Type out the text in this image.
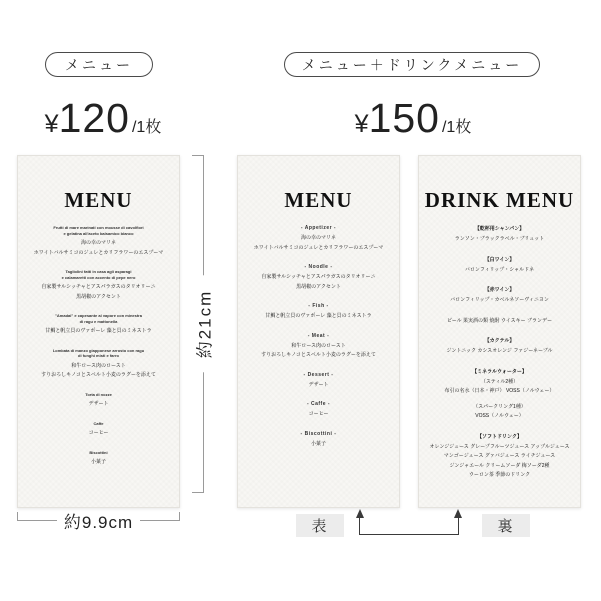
メニュー	メニュー＋ドリンクメニュー
¥ 120 /1枚	¥ 150 /1枚
MENU
Frutti di mare marinati con mousse di cavolfiori
e gelatina all'aceto balsamico bianco
海の幸のマリネ
ホワイトバルサミコのジュレとカリフラワーのエスプーマ
Tagliolini fatti in casa agli asparagi
e calamaretti con accento di pepe nero
自家製サルシッチャとアスパラガスのタリオリーニ
黒胡椒のアクセント
"Amadai" e capesante al vapore con minestra
di ragu e mattonella
甘鯛と帆立貝のヴァポーレ 藻と貝のミネストラ
Lombata di manzo giapponese arrosto con ragu
di funghi misti e farro
和牛ロース肉のロースト
すりおろしキノコとスペルト小麦のラグーを添えて
Torta di nozze
デザート
Caffe
コーヒー
Biscottini
小菓子
MENU
- Appetizer -
海の幸のマリネ
ホワイトバルサミコのジュレとカリフラワーのエスプーマ
- Noodle -
自家製サルシッチャとアスパラガスのタリオリーニ
黒胡椒のアクセント
- Fish -
甘鯛と帆立貝のヴァポーレ 藻と貝のミネストラ
- Meat -
和牛ロース肉のロースト
すりおろしキノコとスペルト小麦のラグーを添えて
- Dessert -
デザート
- Caffe -
コーヒー
- Biscottini -
小菓子
DRINK MENU
【乾杯用シャンパン】
ランソン・ブラックラベル・ブリュット
【白ワイン】
バロンフィリップ・シャルドネ
【赤ワイン】
バロンフィリップ・カベルネソーヴィニヨン
ビール 果実酒の類 焼酎 ウイスキー ブランデー
【カクテル】
ジントニック カシスオレンジ ファジーネーブル
【ミネラルウォーター】
（スティル2種）
布引の名水（日本・神戸） VOSS（ノルウェー）
（スパークリング1種）
VOSS（ノルウェー）
【ソフトドリンク】
オレンジジュース グレープフルーツジュース アップルジュース
マンゴージュース グァバジュース ライチジュース
ジンジャエール クリームソーダ 梅ソーダ2種
ウーロン茶 季節のドリンク
約21cm
約9.9cm	表	裏
